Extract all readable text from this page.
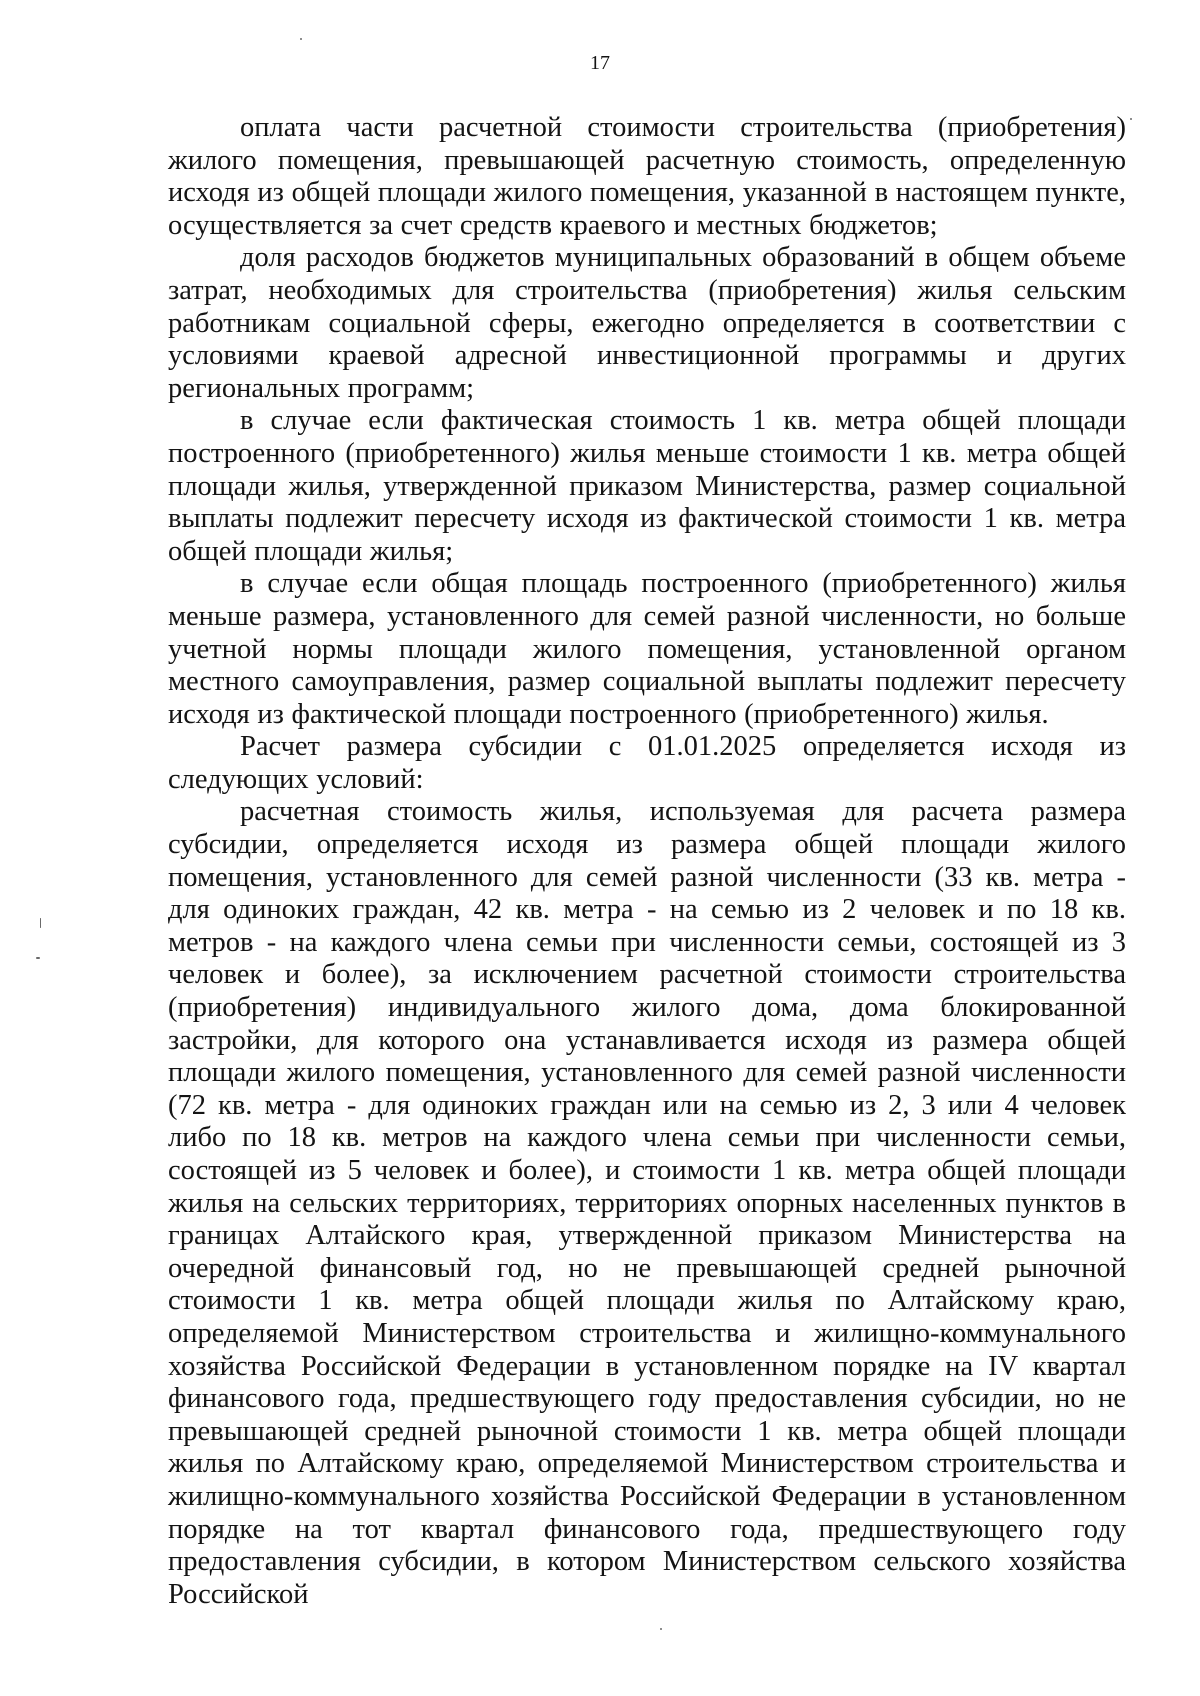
17

оплата части расчетной стоимости строительства (приобретения) жилого помещения, превышающей расчетную стоимость, определенную исходя из общей площади жилого помещения, указанной в настоящем пункте, осуществляется за счет средств краевого и местных бюджетов;

доля расходов бюджетов муниципальных образований в общем объеме затрат, необходимых для строительства (приобретения) жилья сельским работникам социальной сферы, ежегодно определяется в соответствии с условиями краевой адресной инвестиционной программы и других региональных программ;

в случае если фактическая стоимость 1 кв. метра общей площади построенного (приобретенного) жилья меньше стоимости 1 кв. метра общей площади жилья, утвержденной приказом Министерства, размер социальной выплаты подлежит пересчету исходя из фактической стоимости 1 кв. метра общей площади жилья;

в случае если общая площадь построенного (приобретенного) жилья меньше размера, установленного для семей разной численности, но больше учетной нормы площади жилого помещения, установленной органом местного самоуправления, размер социальной выплаты подлежит пересчету исходя из фактической площади построенного (приобретенного) жилья.

Расчет размера субсидии с 01.01.2025 определяется исходя из следующих условий:

расчетная стоимость жилья, используемая для расчета размера субсидии, определяется исходя из размера общей площади жилого помещения, установленного для семей разной численности (33 кв. метра - для одиноких граждан, 42 кв. метра - на семью из 2 человек и по 18 кв. метров - на каждого члена семьи при численности семьи, состоящей из 3 человек и более), за исключением расчетной стоимости строительства (приобретения) индивидуального жилого дома, дома блокированной застройки, для которого она устанавливается исходя из размера общей площади жилого помещения, установленного для семей разной численности (72 кв. метра - для одиноких граждан или на семью из 2, 3 или 4 человек либо по 18 кв. метров на каждого члена семьи при численности семьи, состоящей из 5 человек и более), и стоимости 1 кв. метра общей площади жилья на сельских территориях, территориях опорных населенных пунктов в границах Алтайского края, утвержденной приказом Министерства на очередной финансовый год, но не превышающей средней рыночной стоимости 1 кв. метра общей площади жилья по Алтайскому краю, определяемой Министерством строительства и жилищно-коммунального хозяйства Российской Федерации в установленном порядке на IV квартал финансового года, предшествующего году предоставления субсидии, но не превышающей средней рыночной стоимости 1 кв. метра общей площади жилья по Алтайскому краю, определяемой Министерством строительства и жилищно-коммунального хозяйства Российской Федерации в установленном порядке на тот квартал финансового года, предшествующего году предоставления субсидии, в котором Министерством сельского хозяйства Российской
